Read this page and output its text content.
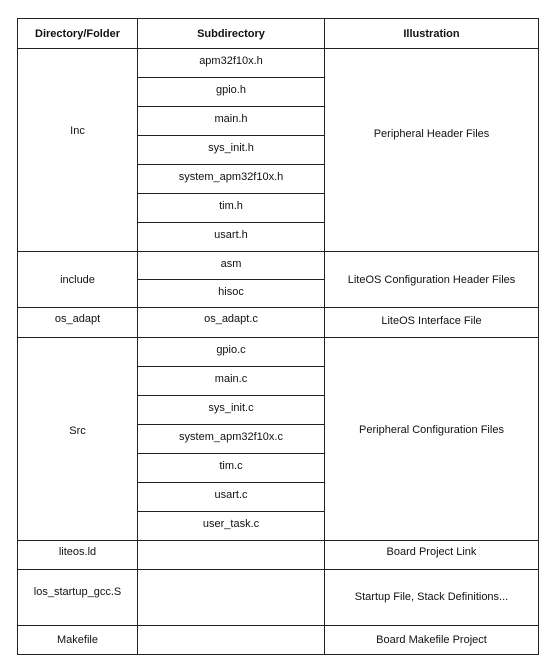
Directory/Folder	Subdirectory	Illustration
Inc	apm32f10x.h	Peripheral Header Files
	gpio.h	
	main.h	
	sys_init.h	
	system_apm32f10x.h	
	tim.h	
	usart.h	
include	asm	LiteOS Configuration Header Files
	hisoc	
os_adapt	os_adapt.c	LiteOS Interface File
Src	gpio.c	Peripheral Configuration Files
	main.c	
	sys_init.c	
	system_apm32f10x.c	
	tim.c	
	usart.c	
	user_task.c	
liteos.ld		Board Project Link
los_startup_gcc.S		Startup File, Stack Definitions...
Makefile		Board Makefile Project
